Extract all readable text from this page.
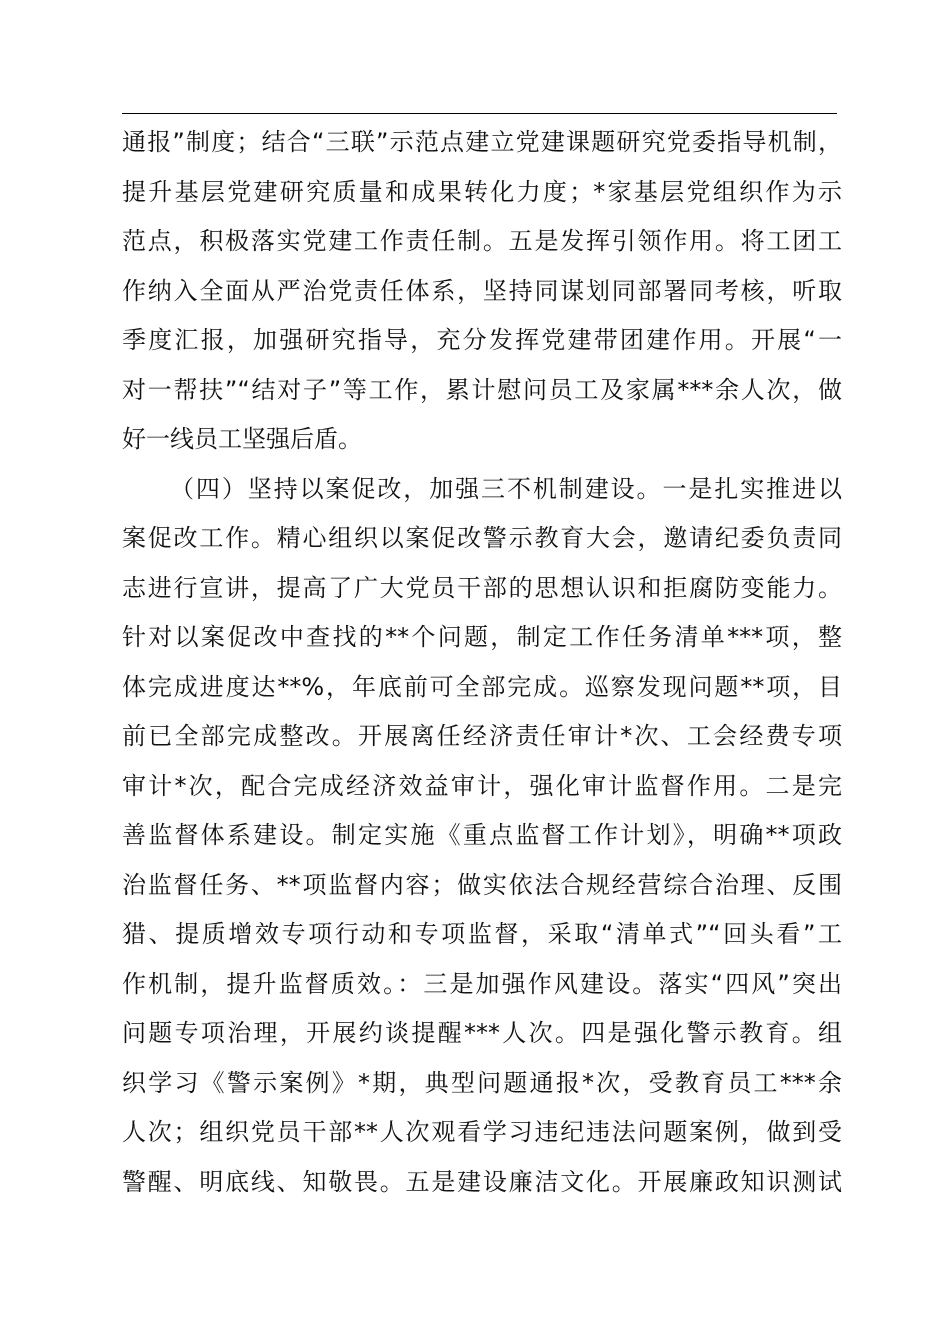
通报”制度；结合“三联”示范点建立党建课题研究党委指导机制，
提升基层党建研究质量和成果转化力度；*家基层党组织作为示
范点，积极落实党建工作责任制。五是发挥引领作用。将工团工
作纳入全面从严治党责任体系，坚持同谋划同部署同考核，听取
季度汇报，加强研究指导，充分发挥党建带团建作用。开展“一
对一帮扶”“结对子”等工作，累计慰问员工及家属***余人次，做
好一线员工坚强后盾。
（四）坚持以案促改，加强三不机制建设。一是扎实推进以
案促改工作。精心组织以案促改警示教育大会，邀请纪委负责同
志进行宣讲，提高了广大党员干部的思想认识和拒腐防变能力。
针对以案促改中查找的**个问题，制定工作任务清单***项，整
体完成进度达**%，年底前可全部完成。巡察发现问题**项，目
前已全部完成整改。开展离任经济责任审计*次、工会经费专项
审计*次，配合完成经济效益审计，强化审计监督作用。二是完
善监督体系建设。制定实施《重点监督工作计划》，明确**项政
治监督任务、**项监督内容；做实依法合规经营综合治理、反围
猎、提质增效专项行动和专项监督，采取“清单式”“回头看”工
作机制，提升监督质效。：三是加强作风建设。落实“四风”突出
问题专项治理，开展约谈提醒***人次。四是强化警示教育。组
织学习《警示案例》*期，典型问题通报*次，受教育员工***余
人次；组织党员干部**人次观看学习违纪违法问题案例，做到受
警醒、明底线、知敬畏。五是建设廉洁文化。开展廉政知识测试
